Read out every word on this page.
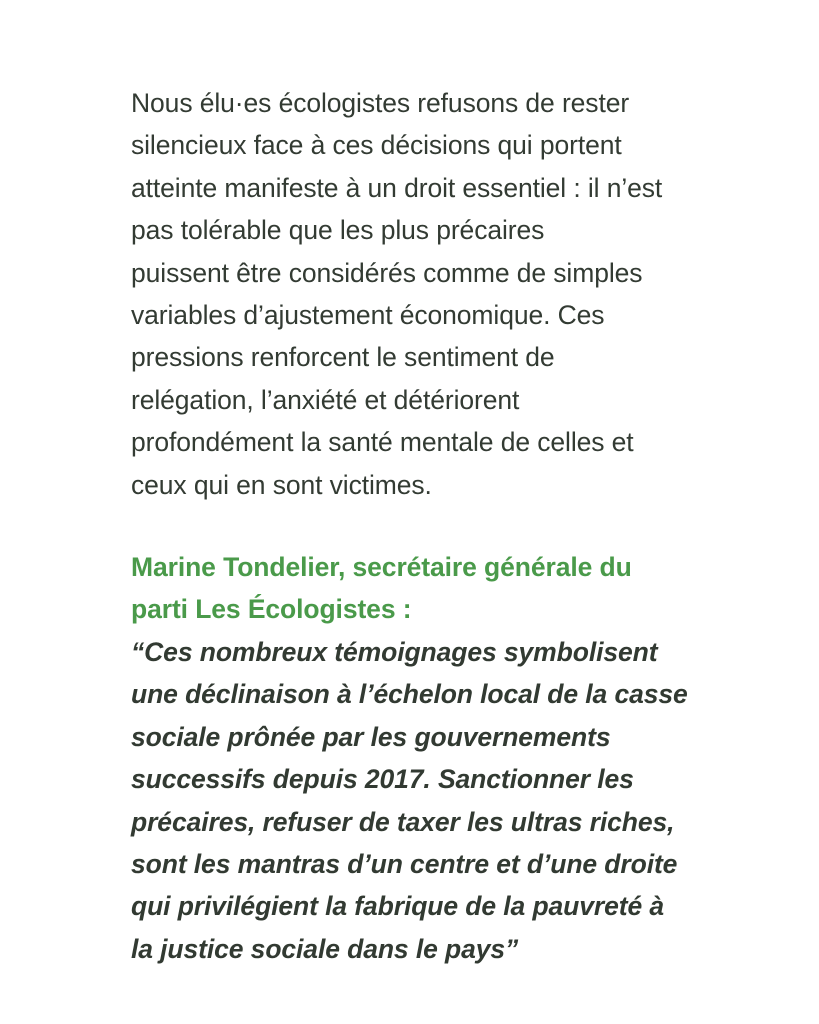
Nous élu·es écologistes refusons de rester
silencieux face à ces décisions qui portent
atteinte manifeste à un droit essentiel : il n’est
pas tolérable que les plus précaires
puissent être considérés comme de simples
variables d’ajustement économique. Ces
pressions renforcent le sentiment de
relégation, l’anxiété et détériorent
profondément la santé mentale de celles et
ceux qui en sont victimes.

Marine Tondelier, secrétaire générale du
parti Les Écologistes :

“Ces nombreux témoignages symbolisent
une déclinaison à l’échelon local de la casse
sociale prônée par les gouvernements
successifs depuis 2017. Sanctionner les
précaires, refuser de taxer les ultras riches,
sont les mantras d’un centre et d’une droite
qui privilégient la fabrique de la pauvreté à
la justice sociale dans le pays”
